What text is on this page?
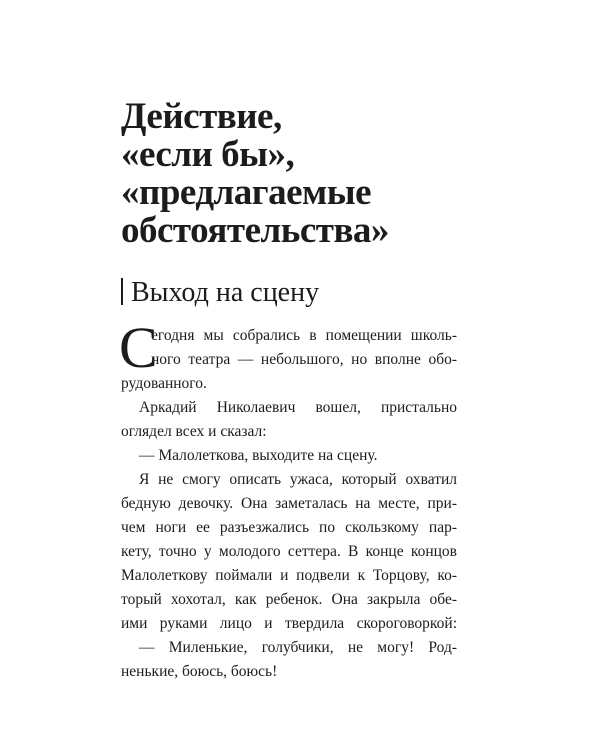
Действие,
«если бы»,
«предлагаемые
обстоятельства»
Выход на сцену
С
егодня мы собрались в помещении школь-
ного театра — небольшого, но вполне обо-
рудованного.
Аркадий Николаевич вошел, пристально
оглядел всех и сказал:
— Малолеткова, выходите на сцену.
Я не смогу описать ужаса, который охватил
бедную девочку. Она заметалась на месте, при-
чем ноги ее разъезжались по скользкому пар-
кету, точно у молодого сеттера. В конце концов
Малолеткову поймали и подвели к Торцову, ко-
торый хохотал, как ребенок. Она закрыла обе-
ими руками лицо и твердила скороговоркой:
— Миленькие, голубчики, не могу! Род-
ненькие, боюсь, боюсь!
